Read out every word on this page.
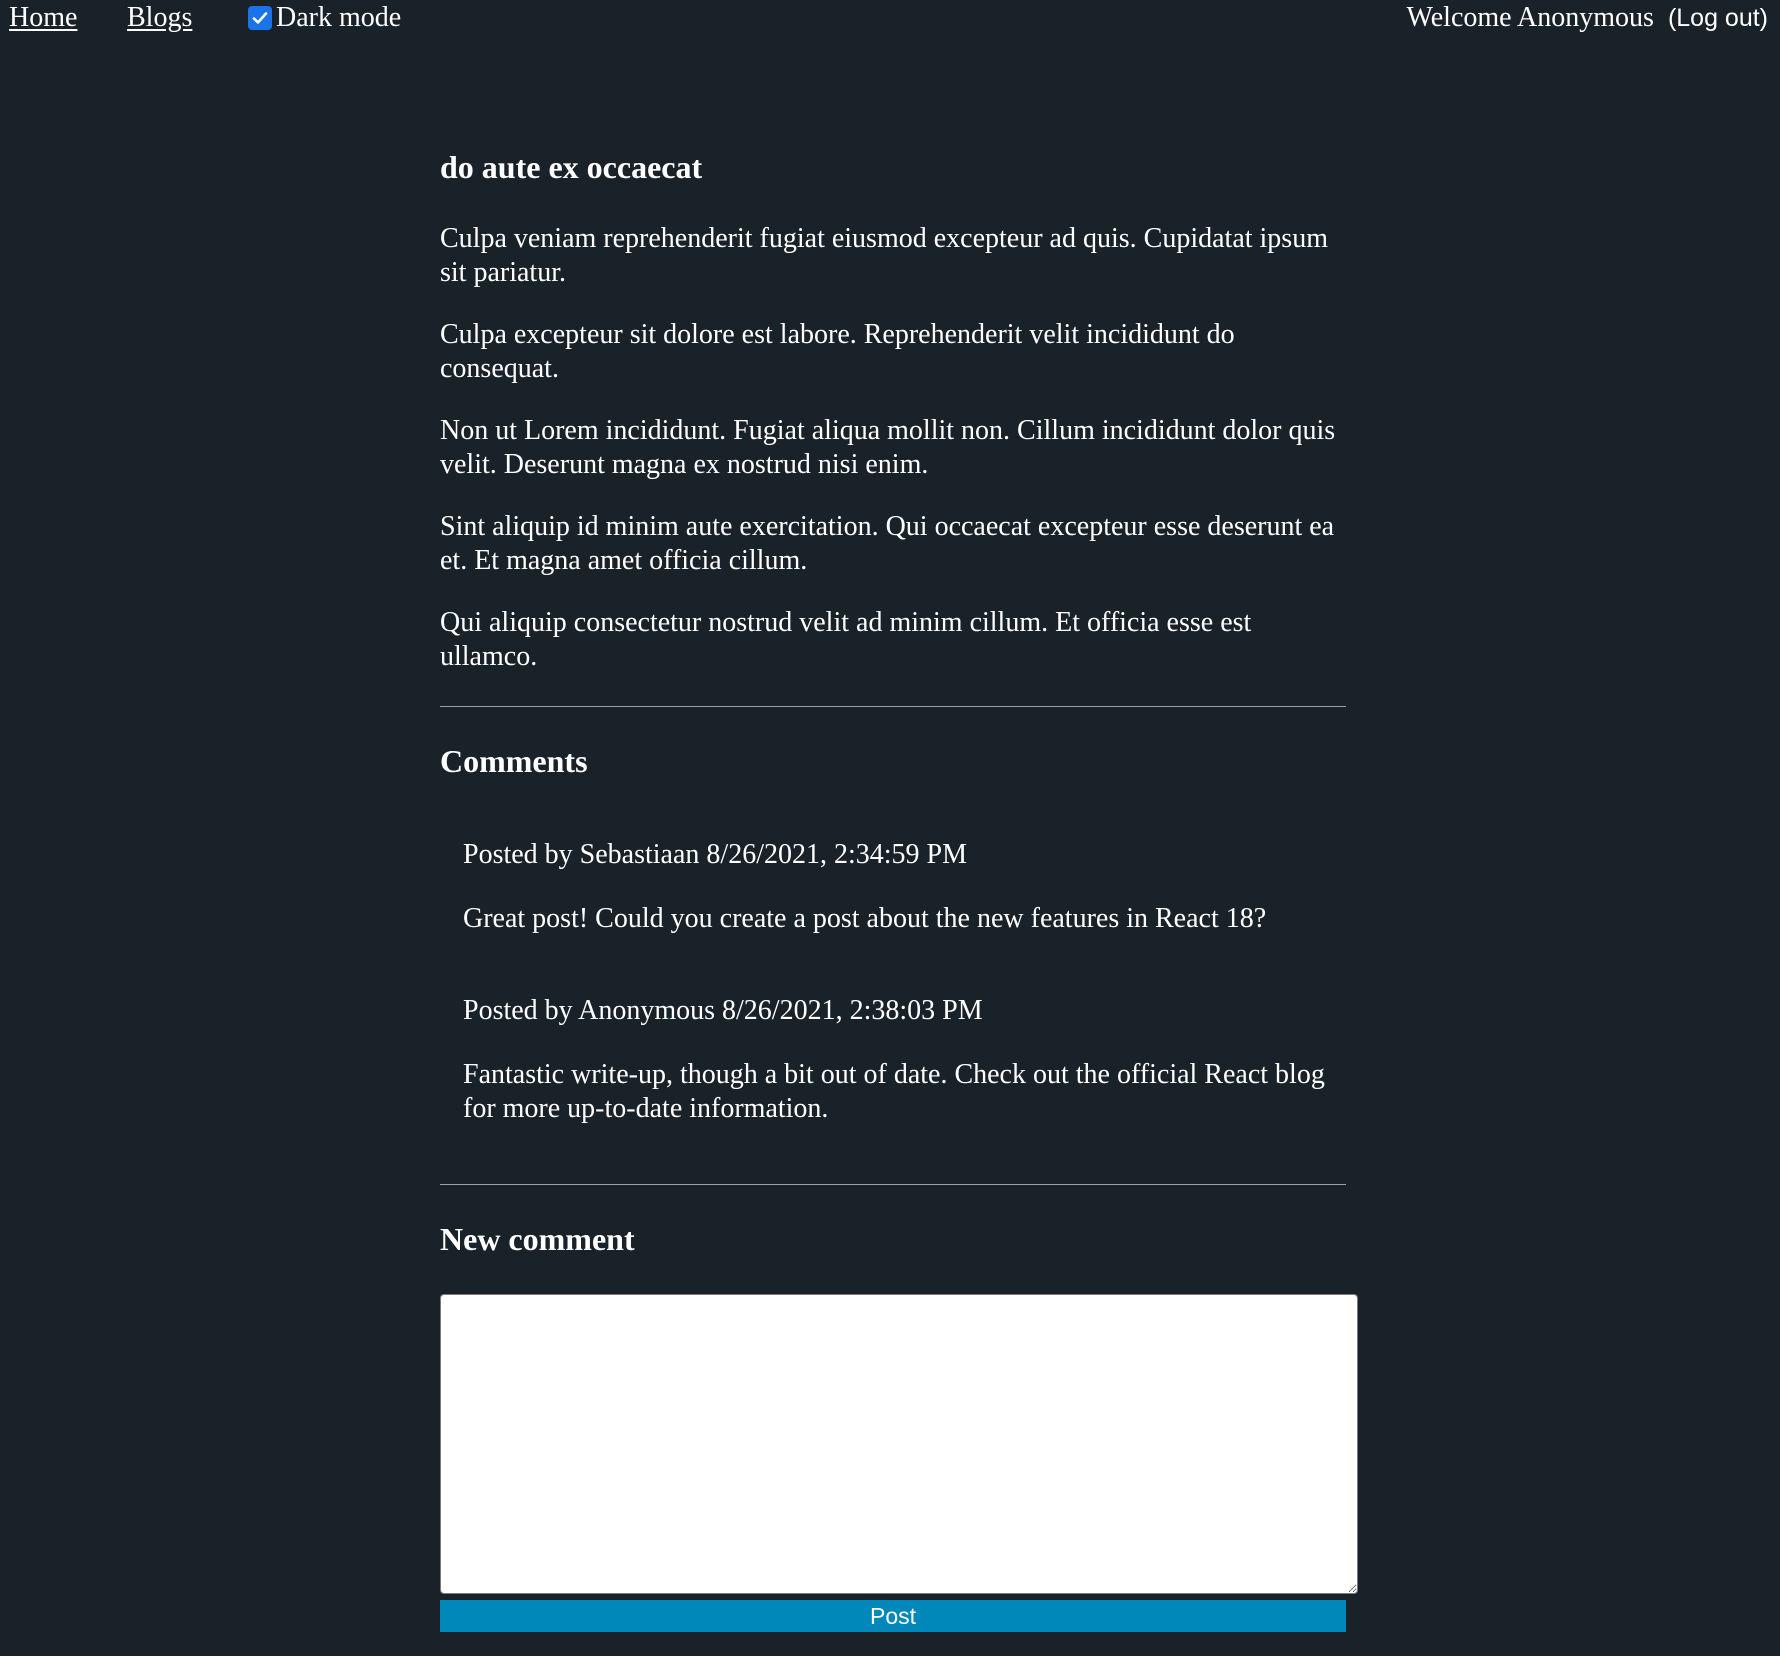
Home Blogs	Dark mode	Welcome Anonymous (Log out)
do aute ex occaecat

Culpa veniam reprehenderit fugiat eiusmod excepteur ad quis. Cupidatat ipsum sit pariatur.

Culpa excepteur sit dolore est labore. Reprehenderit velit incididunt do consequat.

Non ut Lorem incididunt. Fugiat aliqua mollit non. Cillum incididunt dolor quis velit. Deserunt magna ex nostrud nisi enim.

Sint aliquip id minim aute exercitation. Qui occaecat excepteur esse deserunt ea et. Et magna amet officia cillum.

Qui aliquip consectetur nostrud velit ad minim cillum. Et officia esse est ullamco.

Comments

Posted by Sebastiaan 8/26/2021, 2:34:59 PM

Great post! Could you create a post about the new features in React 18?

Posted by Anonymous 8/26/2021, 2:38:03 PM

Fantastic write-up, though a bit out of date. Check out the official React blog for more up-to-date information.

New comment
Post
